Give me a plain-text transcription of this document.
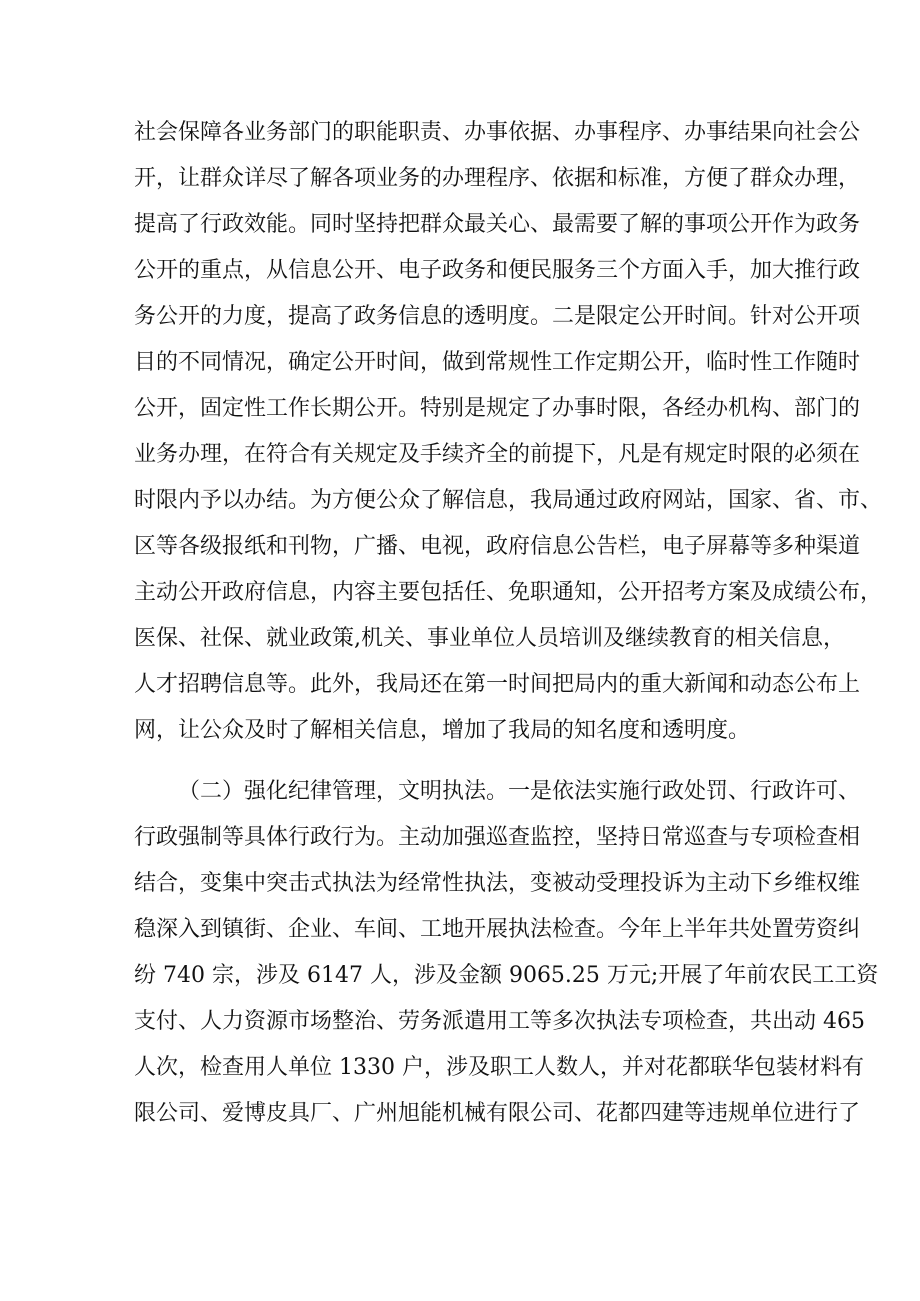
社会保障各业务部门的职能职责、办事依据、办事程序、办事结果向社会公
开，让群众详尽了解各项业务的办理程序、依据和标准，方便了群众办理，
提高了行政效能。同时坚持把群众最关心、最需要了解的事项公开作为政务
公开的重点，从信息公开、电子政务和便民服务三个方面入手，加大推行政
务公开的力度，提高了政务信息的透明度。二是限定公开时间。针对公开项
目的不同情况，确定公开时间，做到常规性工作定期公开，临时性工作随时
公开，固定性工作长期公开。特别是规定了办事时限，各经办机构、部门的
业务办理，在符合有关规定及手续齐全的前提下，凡是有规定时限的必须在
时限内予以办结。为方便公众了解信息，我局通过政府网站，国家、省、市、
区等各级报纸和刊物，广播、电视，政府信息公告栏，电子屏幕等多种渠道
主动公开政府信息，内容主要包括任、免职通知，公开招考方案及成绩公布，
医保、社保、就业政策,机关、事业单位人员培训及继续教育的相关信息，
人才招聘信息等。此外，我局还在第一时间把局内的重大新闻和动态公布上
网，让公众及时了解相关信息，增加了我局的知名度和透明度。
（二）强化纪律管理，文明执法。一是依法实施行政处罚、行政许可、
行政强制等具体行政行为。主动加强巡查监控，坚持日常巡查与专项检查相
结合，变集中突击式执法为经常性执法，变被动受理投诉为主动下乡维权维
稳深入到镇街、企业、车间、工地开展执法检查。今年上半年共处置劳资纠
纷 740 宗，涉及 6147 人，涉及金额 9065.25 万元;开展了年前农民工工资
支付、人力资源市场整治、劳务派遣用工等多次执法专项检查，共出动 465
人次，检查用人单位 1330 户，涉及职工人数人，并对花都联华包装材料有
限公司、爱博皮具厂、广州旭能机械有限公司、花都四建等违规单位进行了
